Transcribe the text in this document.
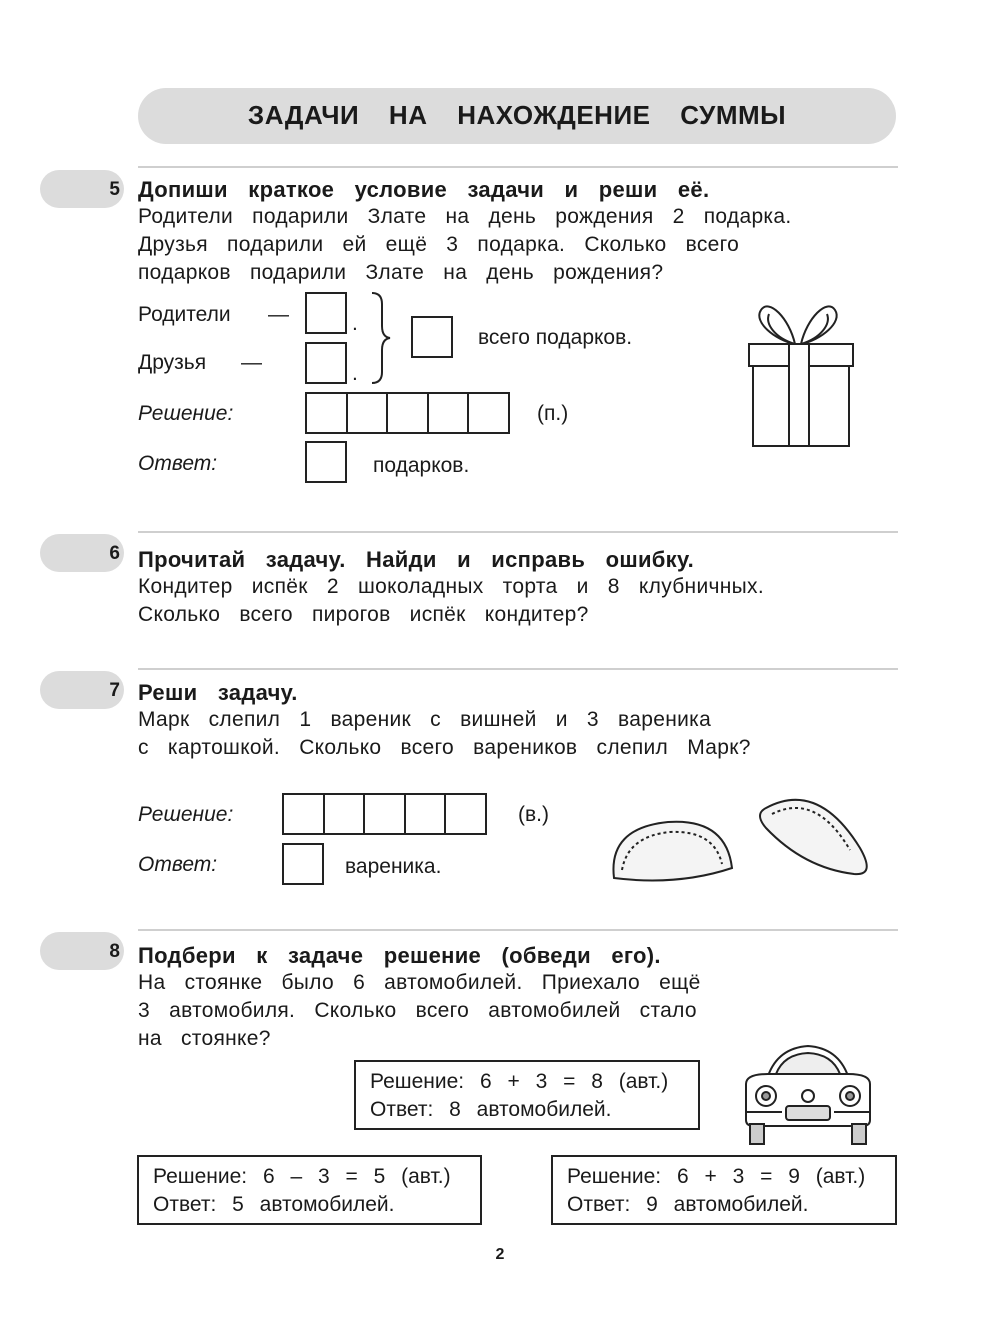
ЗАДАЧИ НА НАХОЖДЕНИЕ СУММЫ
5 Допиши краткое условие задачи и реши её.
Родители подарили Злате на день рождения 2 подарка.
Друзья подарили ей ещё 3 подарка. Сколько всего
подарков подарили Злате на день рождения?
Родители —	.
Друзья —	.
всего подарков.
Решение:	(п.)
Ответ:	подарков.
6 Прочитай задачу. Найди и исправь ошибку.
Кондитер испёк 2 шоколадных торта и 8 клубничных.
Сколько всего пирогов испёк кондитер?
7 Реши задачу.
Марк слепил 1 вареник с вишней и 3 вареника
с картошкой. Сколько всего вареников слепил Марк?
Решение:	(в.)
Ответ:	вареника.
8 Подбери к задаче решение (обведи его).
На стоянке было 6 автомобилей. Приехало ещё
3 автомобиля. Сколько всего автомобилей стало
на стоянке?
Решение: 6 + 3 = 8 (авт.)
Ответ: 8 автомобилей.
Решение: 6 – 3 = 5 (авт.)
Ответ: 5 автомобилей.
Решение: 6 + 3 = 9 (авт.)
Ответ: 9 автомобилей.
2
